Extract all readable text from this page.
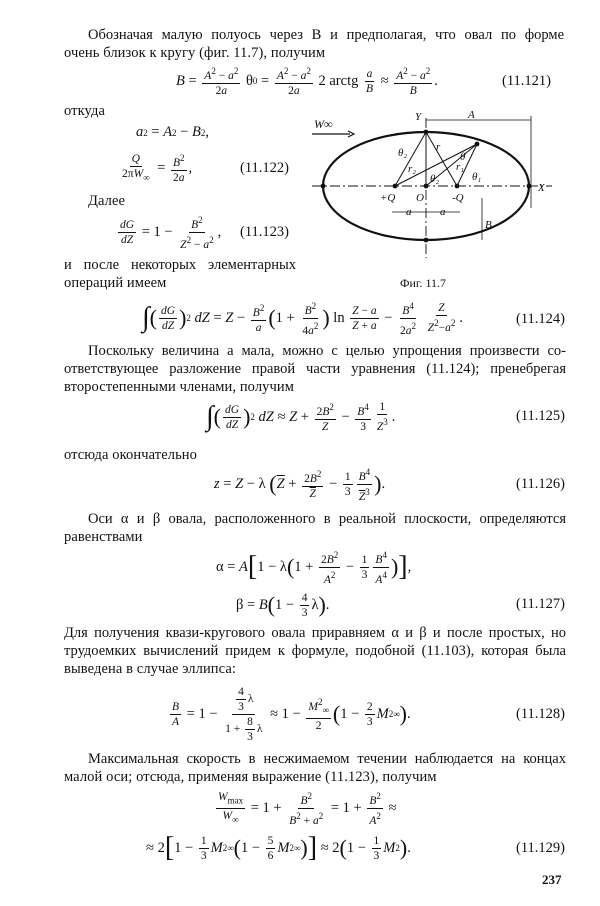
Обозначая малую полуось через B и предполагая, что овал по форме
очень близок к кругу (фиг. 11.7), получим
$B = \frac{A^2 - a^2}{2a}$ θ $0 = \frac{A^2 - a^2}{2a} 2$ arctg $\frac{a}{B} \approx \frac{A^2 - a^2}{B}$ .	(11.121)
откуда
a 2 = A 2 − B 2 ,
$\frac{Q}{2\pi W_\infty} = \frac{B^2}{2a}$ ,	(11.122)
Далее
$\frac{dG}{dZ} = 1 - \frac{B^2}{Z^2 - a^2}$ , (11.123)
и после некоторых элементарных
операций имеем
W∞	Y	A
X
+Q	-Q
O
a	a
B
θ₂	θ
θ₁
θ₂
r
r₁
r₂
Фиг. 11.7
∫ ( $\frac{dG}{dZ}$ ) 2
dZ = $Z - \frac{B^2}{a}$ ( $1 + \frac{B^2}{4a^2}$ ) $\ln \frac{Z - a}{Z + a} - \frac{B^4}{2a^2}$
$\frac{Z}{Z^2-a^2}$ .	(11.124)
Поскольку величина a мала, можно с целью упрощения произвести со-
ответствующее разложение правой части уравнения (11.124); пренебрегая
второстепенными членами, получим
∫ ( $\frac{dG}{dZ}$ ) 2
dZ ≈ $Z + \frac{2B^2}{Z} - \frac{B^4}{3} \frac{1}{Z^3}$ .	(11.125)
отсюда окончательно
z = Z − λ ( $\overline{Z} + \frac{2B^2}{Z} - \frac{1}{3} \frac{B^4}{\overline{Z}^3}$ ) .	(11.126)
Оси α и β овала, расположенного в реальной плоскости, определяются
равенствами
α = A [ 1 − λ ( $1 + \frac{2B^2}{A^2} - \frac{1}{3} \frac{B^4}{A^4}$ ) ] ,
β = B ( $1 - \frac{4}{3}$ λ ) .	(11.127)
Для получения квази-кругового овала приравняем α и β и после простых, но
трудоемких вычислений придем к формуле, подобной (11.103), которая была
выведена в случае эллипса:
$\frac{B}{A} = 1 - \frac{\frac{4}{3} \lambda}{1 + \frac{8}{3} \lambda} \approx 1 - \frac{M^2_\infty}{2}$ ( $1 - \frac{2}{3}$ M 2 ∞ ) .	(11.128)
Максимальная скорость в несжимаемом течении наблюдается на концах
малой оси; отсюда, применяя выражение (11.123), получим
$\frac{W_{max}}{W_\infty} = 1 + \frac{B^2}{B^2 + a^2} = 1 + \frac{B^2}{A^2}$ ≈
≈ 2 [ $1 - \frac{1}{3}$ M 2 ∞ ( $1 - \frac{5}{6}$ M 2 ∞ ) ] ≈ 2 ( $1 - \frac{1}{3}$ M 2 ) .	(11.129)
237
